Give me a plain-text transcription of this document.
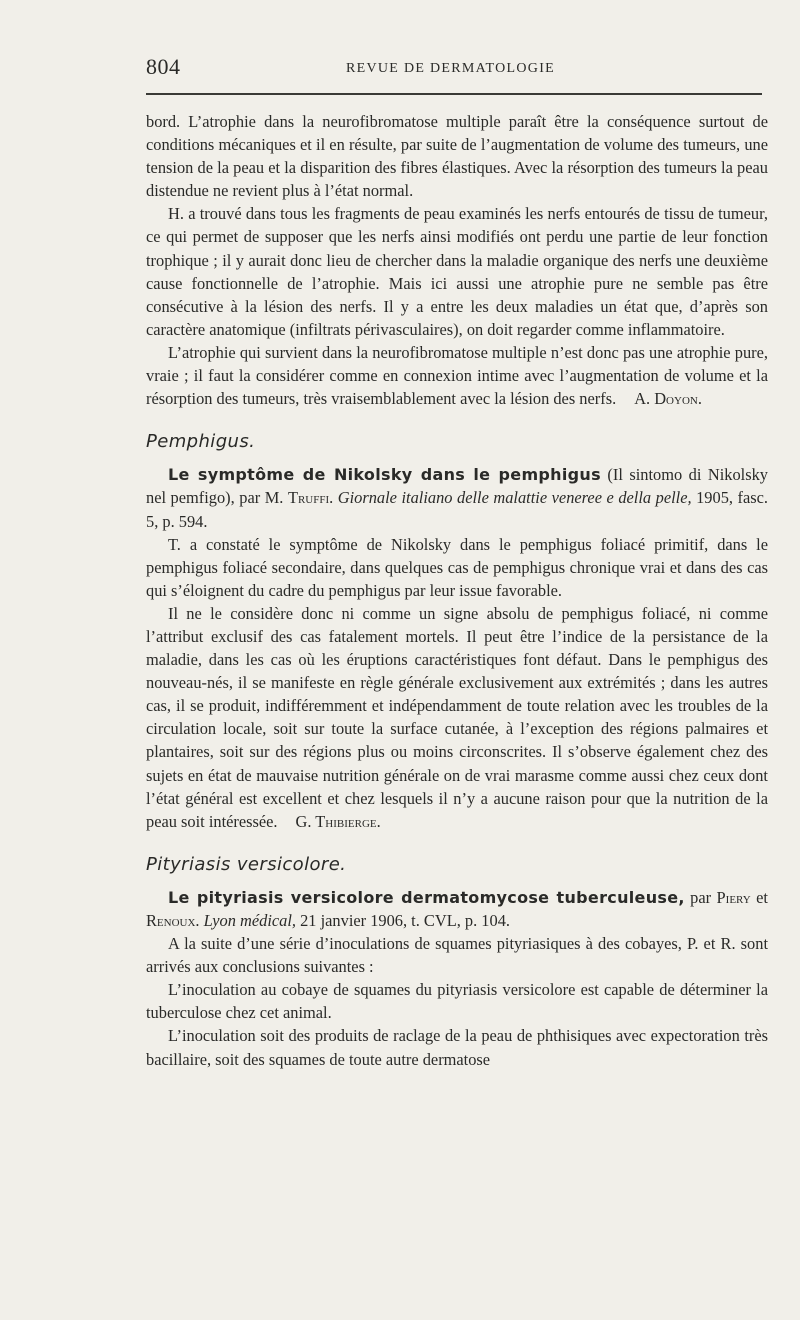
804	REVUE DE DERMATOLOGIE

bord. L’atrophie dans la neurofibromatose multiple paraît être la conséquence surtout de conditions mécaniques et il en résulte, par suite de l’augmentation de volume des tumeurs, une tension de la peau et la disparition des fibres élastiques. Avec la résorption des tumeurs la peau distendue ne revient plus à l’état normal.

H. a trouvé dans tous les fragments de peau examinés les nerfs entourés de tissu de tumeur, ce qui permet de supposer que les nerfs ainsi modifiés ont perdu une partie de leur fonction trophique ; il y aurait donc lieu de chercher dans la maladie organique des nerfs une deuxième cause fonctionnelle de l’atrophie. Mais ici aussi une atrophie pure ne semble pas être consécutive à la lésion des nerfs. Il y a entre les deux maladies un état que, d’après son caractère anatomique (infiltrats périvasculaires), on doit regarder comme inflammatoire.

L’atrophie qui survient dans la neurofibromatose multiple n’est donc pas une atrophie pure, vraie ; il faut la considérer comme en connexion intime avec l’augmentation de volume et la résorption des tumeurs, très vraisemblablement avec la lésion des nerfs. A. Doyon.

Pemphigus.

Le symptôme de Nikolsky dans le pemphigus (Il sintomo di Nikolsky nel pemfigo), par M. Truffi. Giornale italiano delle malattie veneree e della pelle, 1905, fasc. 5, p. 594.

T. a constaté le symptôme de Nikolsky dans le pemphigus foliacé primitif, dans le pemphigus foliacé secondaire, dans quelques cas de pemphigus chronique vrai et dans des cas qui s’éloignent du cadre du pemphigus par leur issue favorable.

Il ne le considère donc ni comme un signe absolu de pemphigus foliacé, ni comme l’attribut exclusif des cas fatalement mortels. Il peut être l’indice de la persistance de la maladie, dans les cas où les éruptions caractéristiques font défaut. Dans le pemphigus des nouveau-nés, il se manifeste en règle générale exclusivement aux extrémités ; dans les autres cas, il se produit, indifféremment et indépendamment de toute relation avec les troubles de la circulation locale, soit sur toute la surface cutanée, à l’exception des régions palmaires et plantaires, soit sur des régions plus ou moins circonscrites. Il s’observe également chez des sujets en état de mauvaise nutrition générale on de vrai marasme comme aussi chez ceux dont l’état général est excellent et chez lesquels il n’y a aucune raison pour que la nutrition de la peau soit intéressée. G. Thibierge.

Pityriasis versicolore.

Le pityriasis versicolore dermatomycose tuberculeuse, par Piery et Renoux. Lyon médical, 21 janvier 1906, t. CVL, p. 104.

A la suite d’une série d’inoculations de squames pityriasiques à des cobayes, P. et R. sont arrivés aux conclusions suivantes :

L’inoculation au cobaye de squames du pityriasis versicolore est capable de déterminer la tuberculose chez cet animal.

L’inoculation soit des produits de raclage de la peau de phthisiques avec expectoration très bacillaire, soit des squames de toute autre dermatose
